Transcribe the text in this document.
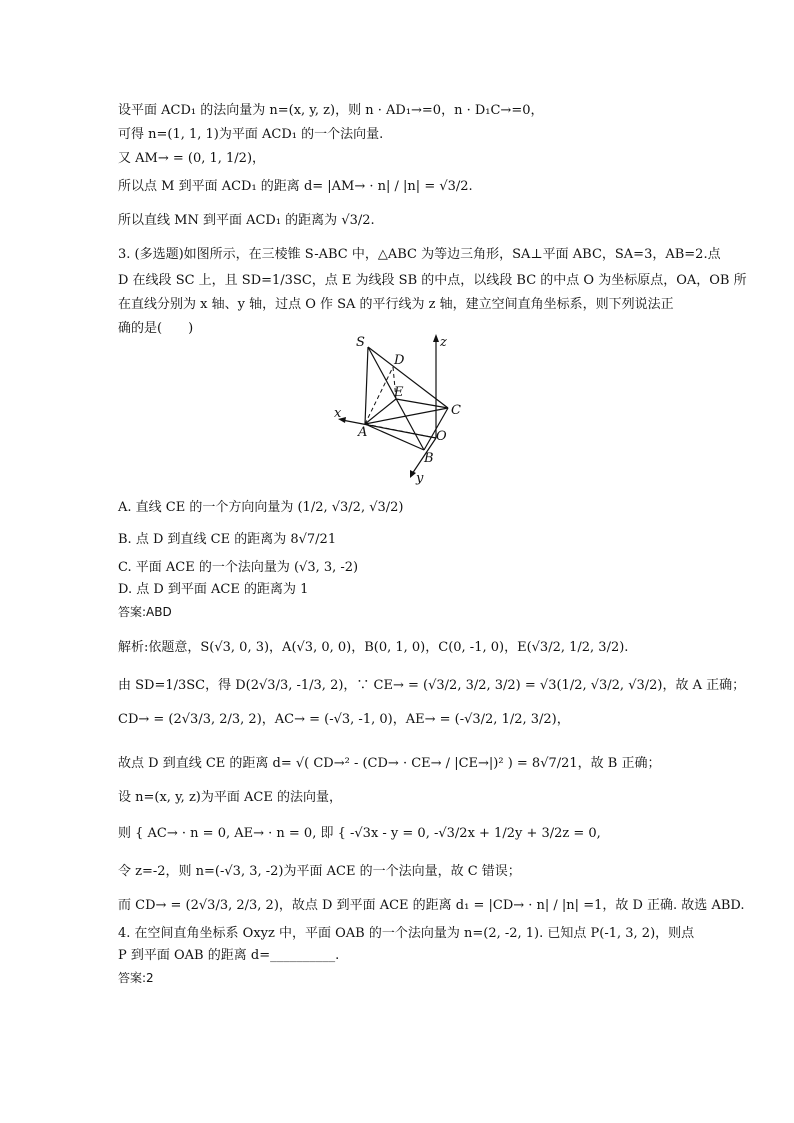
设平面 ACD₁ 的法向量为 n=(x, y, z)，则 n · AD₁→=0，n · D₁C→=0，
可得 n=(1, 1, 1)为平面 ACD₁ 的一个法向量.
又 AM→ = (0, 1, 1/2)，
所以点 M 到平面 ACD₁ 的距离 d= |AM→ · n| / |n| = √3/2.
所以直线 MN 到平面 ACD₁ 的距离为 √3/2.
3. (多选题)如图所示，在三棱锥 S-ABC 中，△ABC 为等边三角形，SA⊥平面 ABC，SA=3，AB=2.点
D 在线段 SC 上，且 SD=1/3SC，点 E 为线段 SB 的中点，以线段 BC 的中点 O 为坐标原点，OA，OB 所
在直线分别为 x 轴、y 轴，过点 O 作 SA 的平行线为 z 轴，建立空间直角坐标系，则下列说法正
确的是(　　)
S
D
z
E
x	C
A	O
B
y
A. 直线 CE 的一个方向向量为 (1/2, √3/2, √3/2)
B. 点 D 到直线 CE 的距离为 8√7/21
C. 平面 ACE 的一个法向量为 (√3, 3, -2)
D. 点 D 到平面 ACE 的距离为 1
答案:ABD
解析:依题意，S(√3, 0, 3)，A(√3, 0, 0)，B(0, 1, 0)，C(0, -1, 0)，E(√3/2, 1/2, 3/2).
由 SD=1/3SC，得 D(2√3/3, -1/3, 2)，∵ CE→ = (√3/2, 3/2, 3/2) = √3(1/2, √3/2, √3/2)，故 A 正确；
CD→ = (2√3/3, 2/3, 2)，AC→ = (-√3, -1, 0)，AE→ = (-√3/2, 1/2, 3/2)，
故点 D 到直线 CE 的距离 d= √( CD→² - (CD→ · CE→ / |CE→|)² ) = 8√7/21，故 B 正确；
设 n=(x, y, z)为平面 ACE 的法向量，
则 { AC→ · n = 0, AE→ · n = 0, 即 { -√3x - y = 0, -√3/2x + 1/2y + 3/2z = 0,
令 z=-2，则 n=(-√3, 3, -2)为平面 ACE 的一个法向量，故 C 错误；
而 CD→ = (2√3/3, 2/3, 2)，故点 D 到平面 ACE 的距离 d₁ = |CD→ · n| / |n| =1，故 D 正确. 故选 ABD.
4. 在空间直角坐标系 Oxyz 中，平面 OAB 的一个法向量为 n=(2, -2, 1). 已知点 P(-1, 3, 2)，则点
P 到平面 OAB 的距离 d=__________.
答案:2
